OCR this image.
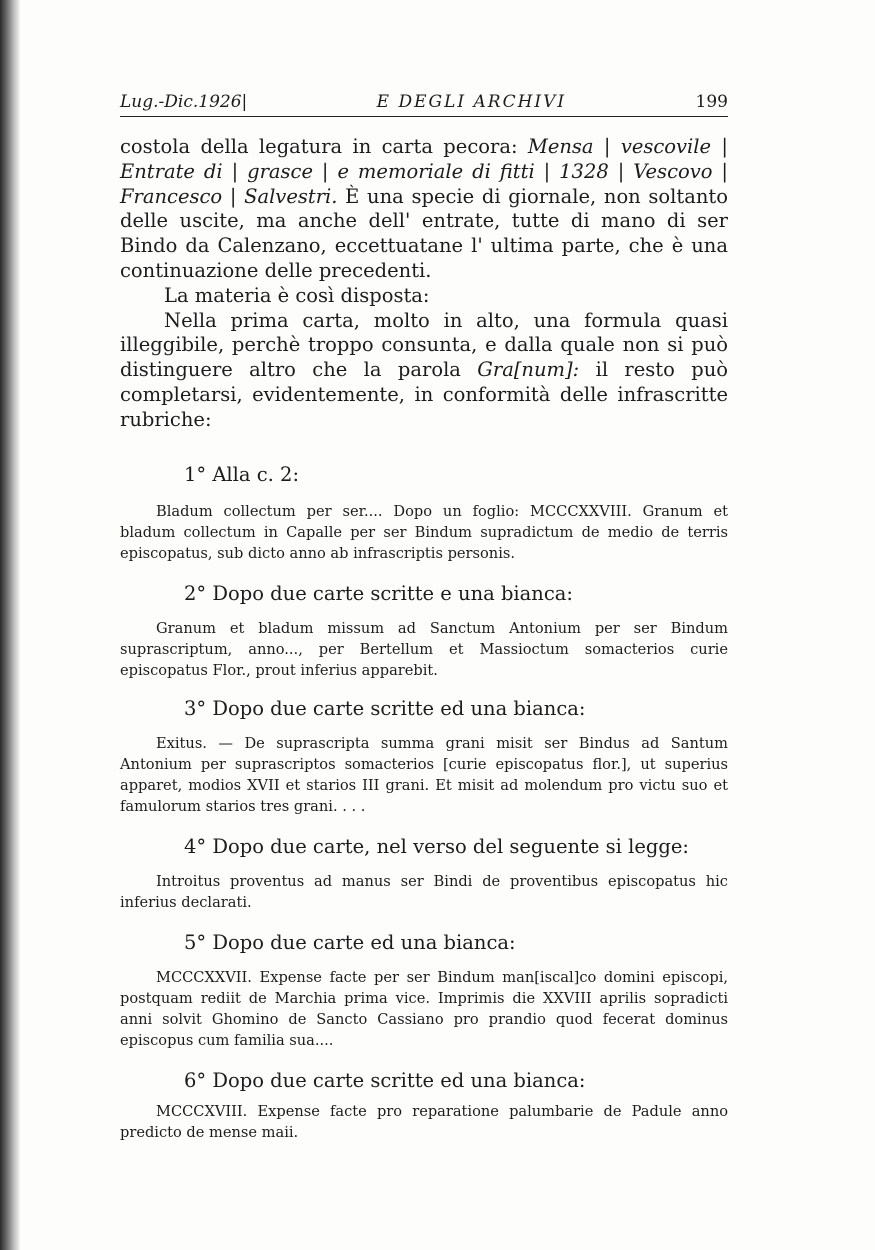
Lug.-Dic.1926|	E DEGLI ARCHIVI	199

costola della legatura in carta pecora: Mensa | vescovile | Entrate di | grasce | e memoriale di fitti | 1328 | Vescovo | Francesco | Salvestri. È una specie di giornale, non soltanto delle uscite, ma anche dell' entrate, tutte di mano di ser Bindo da Calenzano, eccettuatane l' ultima parte, che è una continuazione delle precedenti.

La materia è così disposta:

Nella prima carta, molto in alto, una formula quasi illeggibile, perchè troppo consunta, e dalla quale non si può distinguere altro che la parola Gra[num]: il resto può completarsi, evidentemente, in conformità delle infrascritte rubriche:

1° Alla c. 2:

Bladum collectum per ser.... Dopo un foglio: MCCCXXVIII. Granum et bladum collectum in Capalle per ser Bindum supradictum de medio de terris episcopatus, sub dicto anno ab infrascriptis personis.

2° Dopo due carte scritte e una bianca:

Granum et bladum missum ad Sanctum Antonium per ser Bindum suprascriptum, anno..., per Bertellum et Massioctum somacterios curie episcopatus Flor., prout inferius apparebit.

3° Dopo due carte scritte ed una bianca:

Exitus. — De suprascripta summa grani misit ser Bindus ad Santum Antonium per suprascriptos somacterios [curie episcopatus flor.], ut superius apparet, modios XVII et starios III grani. Et misit ad molendum pro victu suo et famulorum starios tres grani. . . .

4° Dopo due carte, nel verso del seguente si legge:

Introitus proventus ad manus ser Bindi de proventibus episcopatus hic inferius declarati.

5° Dopo due carte ed una bianca:

MCCCXXVII. Expense facte per ser Bindum man[iscal]co domini episcopi, postquam rediit de Marchia prima vice. Imprimis die XXVIII aprilis sopradicti anni solvit Ghomino de Sancto Cassiano pro prandio quod fecerat dominus episcopus cum familia sua....

6° Dopo due carte scritte ed una bianca:

MCCCXVIII. Expense facte pro reparatione palumbarie de Padule anno predicto de mense maii.
